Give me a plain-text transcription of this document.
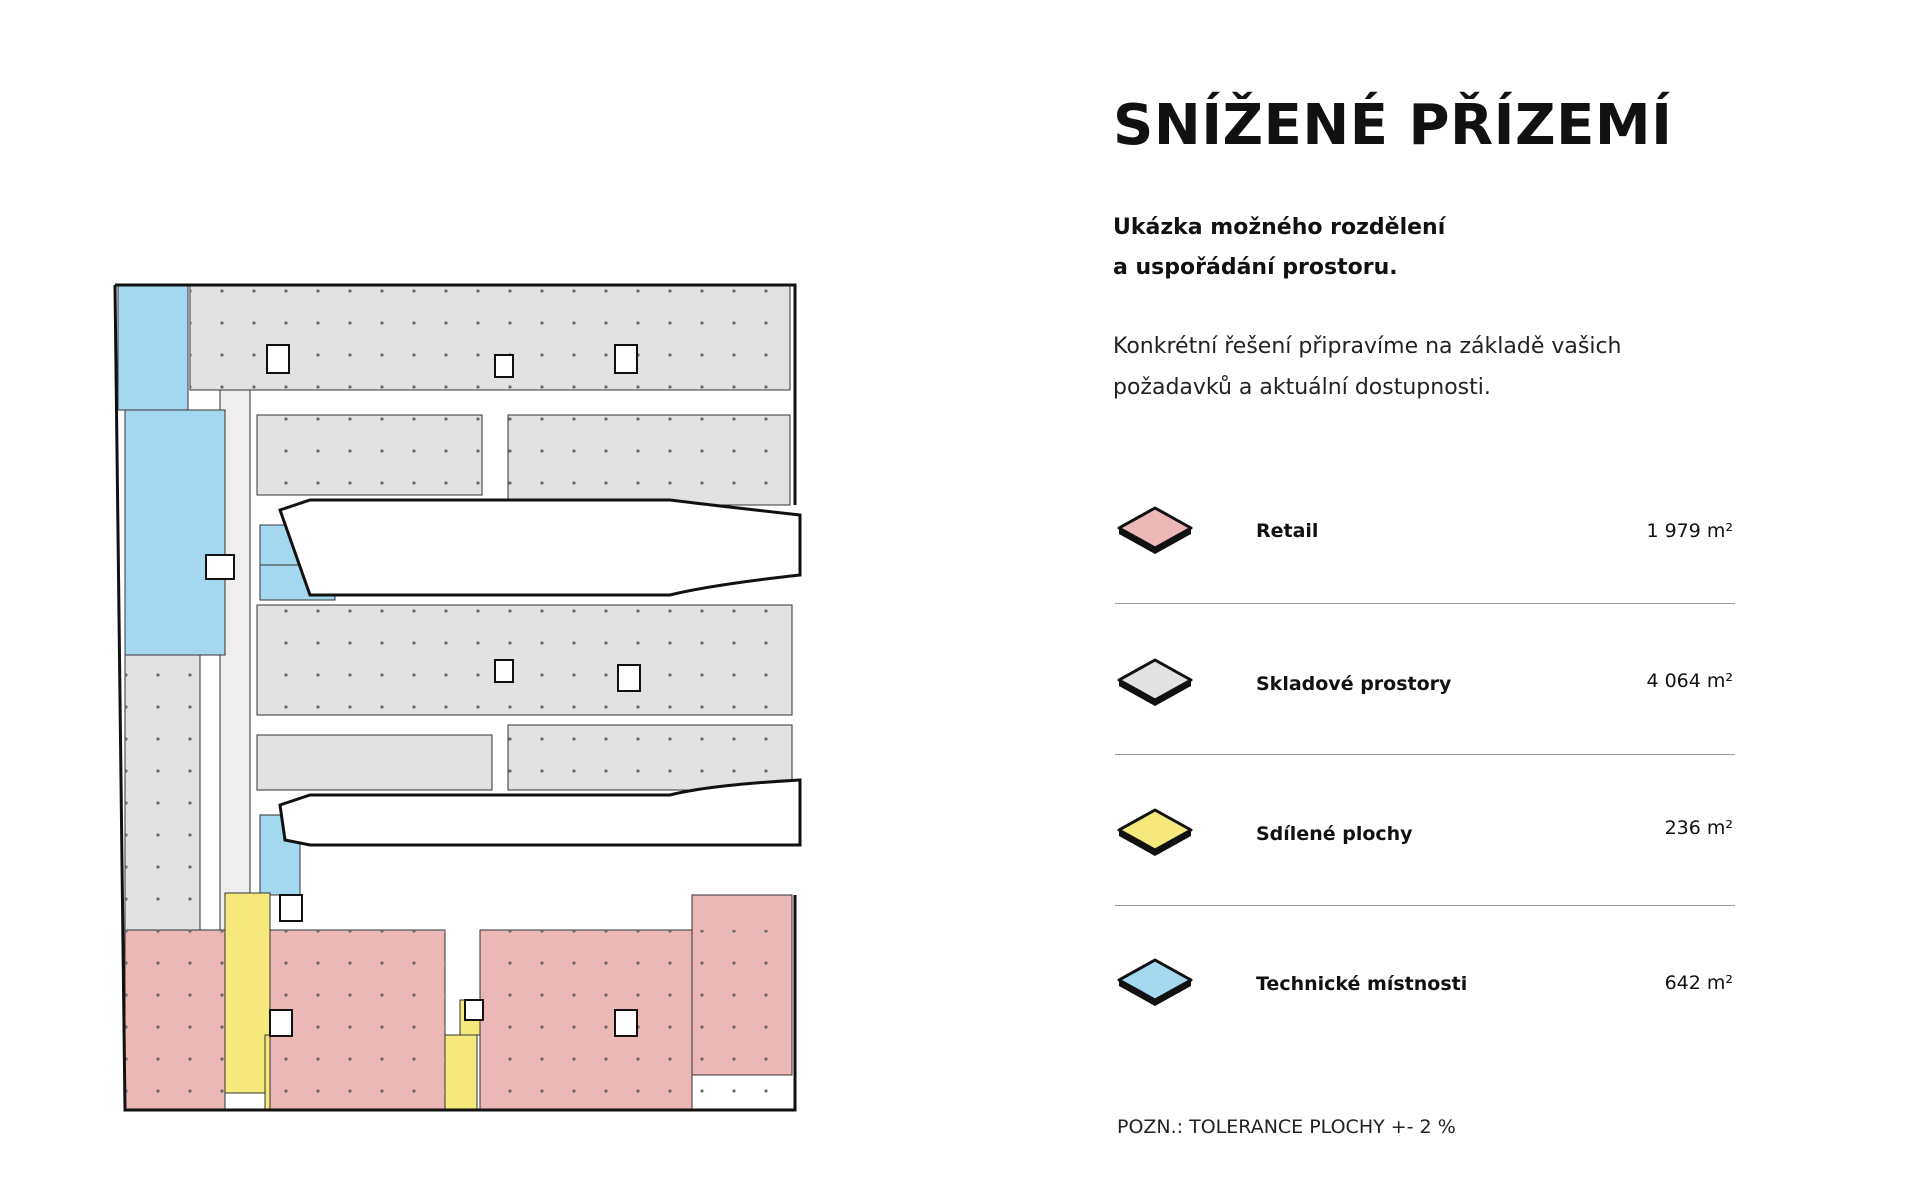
SNÍŽENÉ PŘÍZEMÍ
Ukázka možného rozdělení
a uspořádání prostoru.
Konkrétní řešení připravíme na základě vašich
požadavků a aktuální dostupnosti.
Retail	1 979 m²
Skladové prostory	4 064 m²
Sdílené plochy	236 m²
Technické místnosti	642 m²
POZN.: TOLERANCE PLOCHY +- 2 %
